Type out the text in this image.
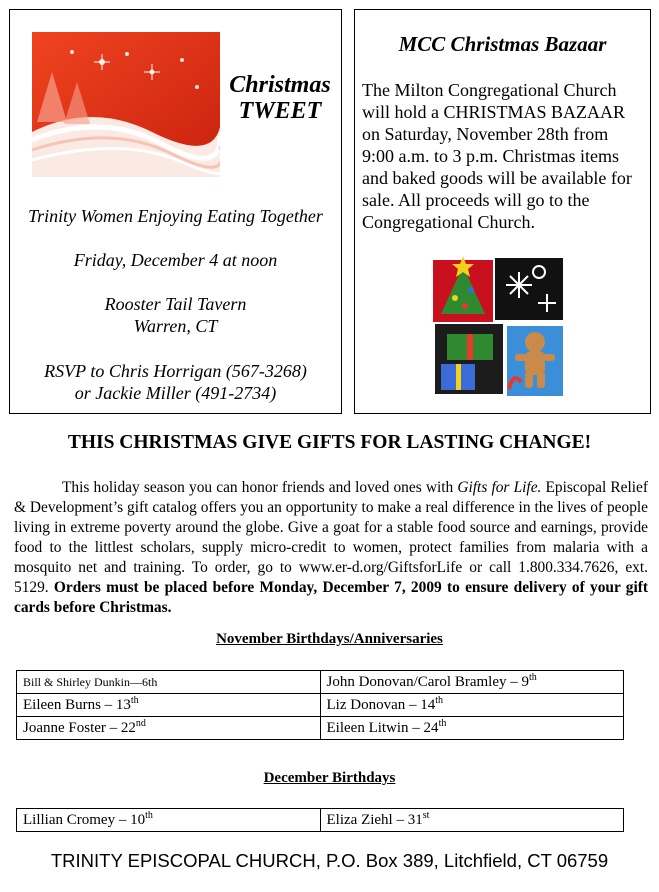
Christmas
TWEET
Trinity Women Enjoying Eating Together
Friday, December 4 at noon
Rooster Tail Tavern
Warren, CT
RSVP to Chris Horrigan (567-3268)
or Jackie Miller (491-2734)
MCC Christmas Bazaar

The Milton Congregational Church will hold a CHRISTMAS BAZAAR on Saturday, November 28th from 9:00 a.m. to 3 p.m. Christmas items and baked goods will be available for sale. All proceeds will go to the Congregational Church.

THIS CHRISTMAS GIVE GIFTS FOR LASTING CHANGE!

This holiday season you can honor friends and loved ones with Gifts for Life. Episcopal Relief & Development’s gift catalog offers you an opportunity to make a real difference in the lives of people living in extreme poverty around the globe. Give a goat for a stable food source and earnings, provide food to the littlest scholars, supply micro-credit to women, protect families from malaria with a mosquito net and training. To order, go to www.er-d.org/GiftsforLife or call 1.800.334.7626, ext. 5129. Orders must be placed before Monday, December 7, 2009 to ensure delivery of your gift cards before Christmas.

November Birthdays/Anniversaries
Bill & Shirley Dunkin—6th	John Donovan/Carol Bramley – 9th
Eileen Burns – 13th	Liz Donovan – 14th
Joanne Foster – 22nd	Eileen Litwin – 24th
December Birthdays
Lillian Cromey – 10th	Eliza Ziehl – 31st
TRINITY EPISCOPAL CHURCH, P.O. Box 389, Litchfield, CT 06759
